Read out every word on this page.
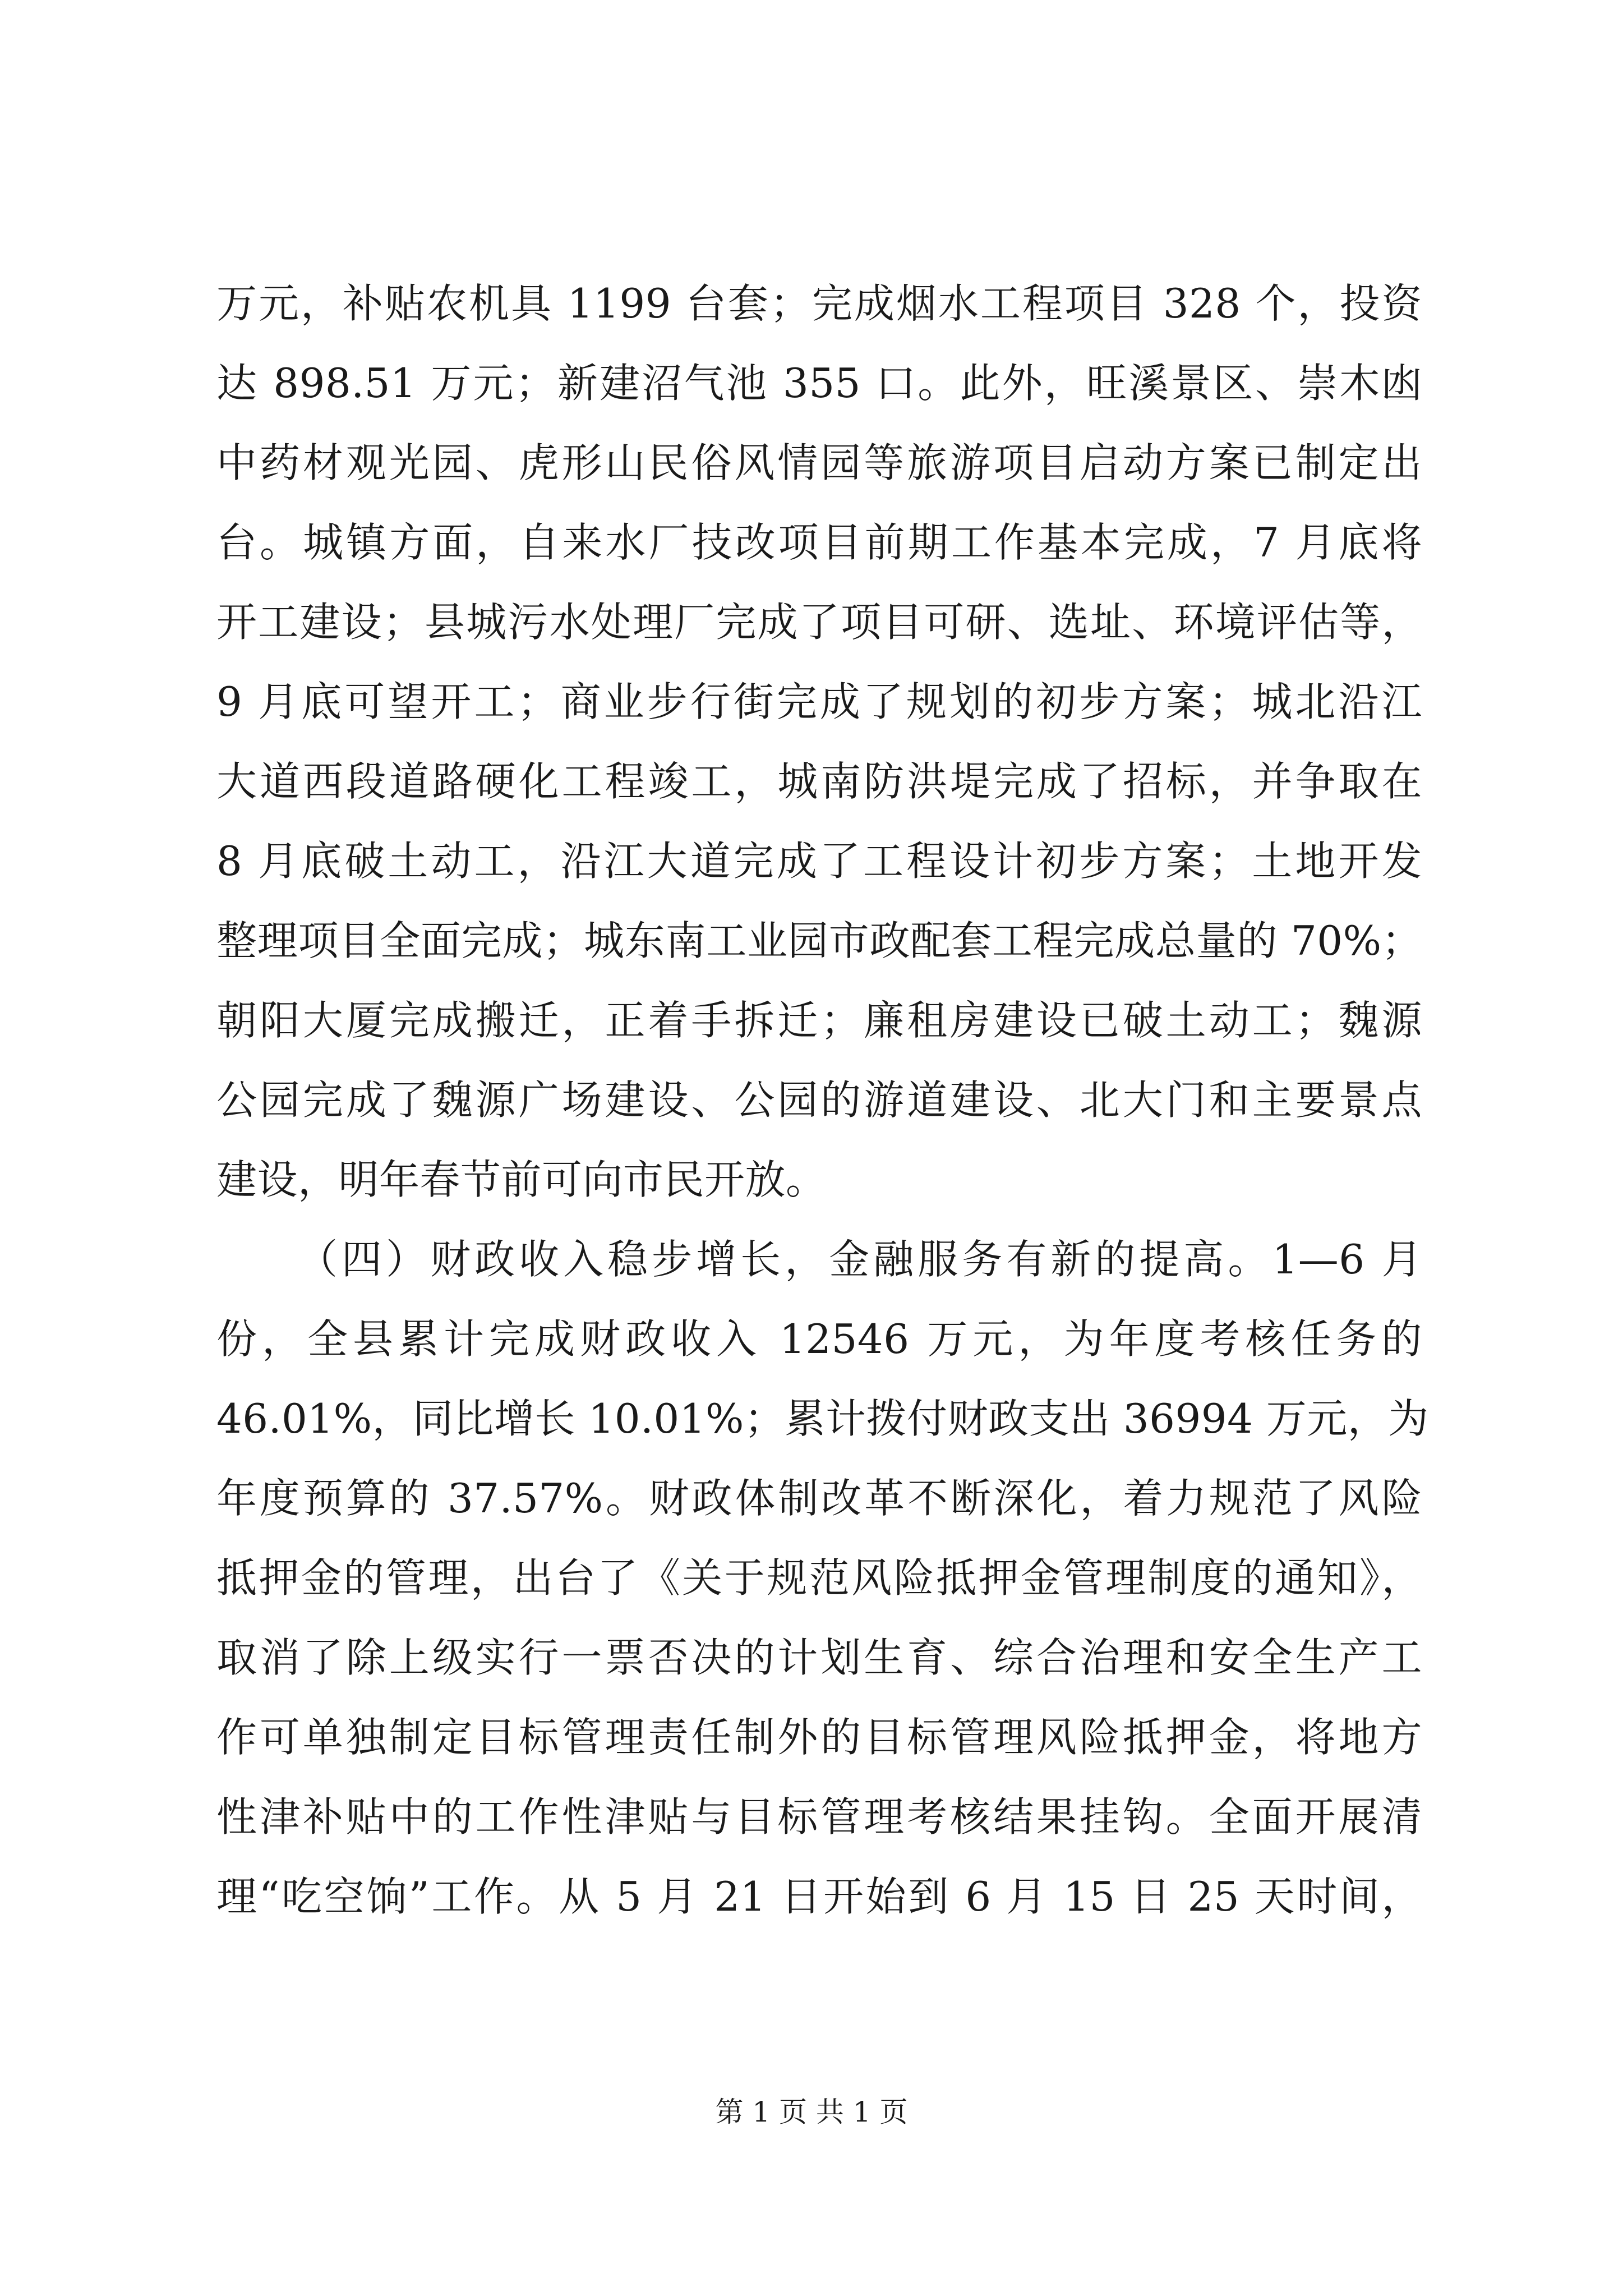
万元，补贴农机具 1199 台套；完成烟水工程项目 328 个，投资
达 898.51 万元；新建沼气池 355 口。此外，旺溪景区、崇木凼
中药材观光园、虎形山民俗风情园等旅游项目启动方案已制定出
台。城镇方面，自来水厂技改项目前期工作基本完成，7 月底将
开工建设；县城污水处理厂完成了项目可研、选址、环境评估等，
9 月底可望开工；商业步行街完成了规划的初步方案；城北沿江
大道西段道路硬化工程竣工，城南防洪堤完成了招标，并争取在
8 月底破土动工，沿江大道完成了工程设计初步方案；土地开发
整理项目全面完成；城东南工业园市政配套工程完成总量的 70%；
朝阳大厦完成搬迁，正着手拆迁；廉租房建设已破土动工；魏源
公园完成了魏源广场建设、公园的游道建设、北大门和主要景点
建设，明年春节前可向市民开放。
（四）财政收入稳步增长，金融服务有新的提高。1—6 月
份，全县累计完成财政收入 12546 万元，为年度考核任务的
46.01%，同比增长 10.01%；累计拨付财政支出 36994 万元，为
年度预算的 37.57%。财政体制改革不断深化，着力规范了风险
抵押金的管理，出台了《关于规范风险抵押金管理制度的通知》，
取消了除上级实行一票否决的计划生育、综合治理和安全生产工
作可单独制定目标管理责任制外的目标管理风险抵押金，将地方
性津补贴中的工作性津贴与目标管理考核结果挂钩。全面开展清
理“吃空饷”工作。从 5 月 21 日开始到 6 月 15 日 25 天时间，
第 1 页 共 1 页
